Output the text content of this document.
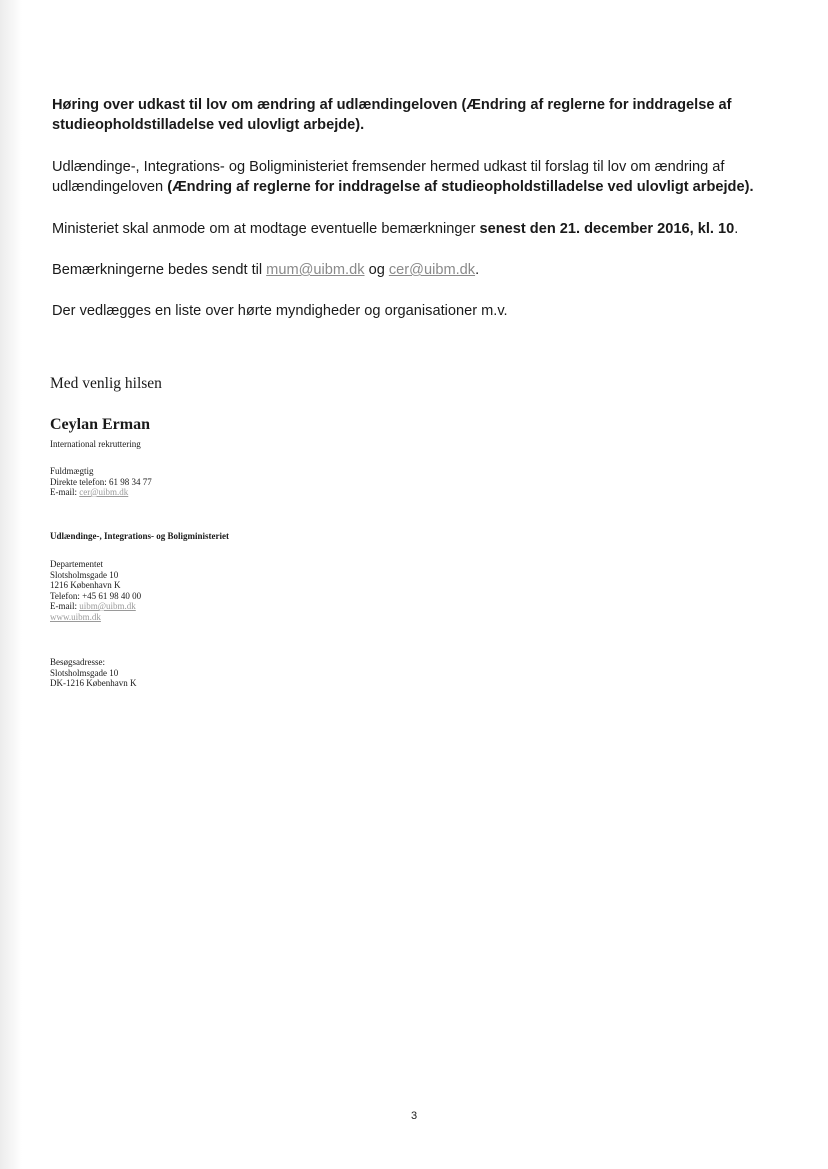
Høring over udkast til lov om ændring af udlændingeloven (Ændring af reglerne for inddragelse af studieopholdstilladelse ved ulovligt arbejde).
Udlændinge-, Integrations- og Boligministeriet fremsender hermed udkast til forslag til lov om ændring af udlændingeloven (Ændring af reglerne for inddragelse af studieopholdstilladelse ved ulovligt arbejde).
Ministeriet skal anmode om at modtage eventuelle bemærkninger senest den 21. december 2016, kl. 10.
Bemærkningerne bedes sendt til mum@uibm.dk og cer@uibm.dk.
Der vedlægges en liste over hørte myndigheder og organisationer m.v.
Med venlig hilsen
Ceylan Erman
International rekruttering
Fuldmægtig
Direkte telefon: 61 98 34 77
E-mail: cer@uibm.dk
Udlændinge-, Integrations- og Boligministeriet
Departementet
Slotsholmsgade 10
1216 København K
Telefon: +45 61 98 40 00
E-mail: uibm@uibm.dk
www.uibm.dk
Besøgsadresse:
Slotsholmsgade 10
DK-1216 København K
3
